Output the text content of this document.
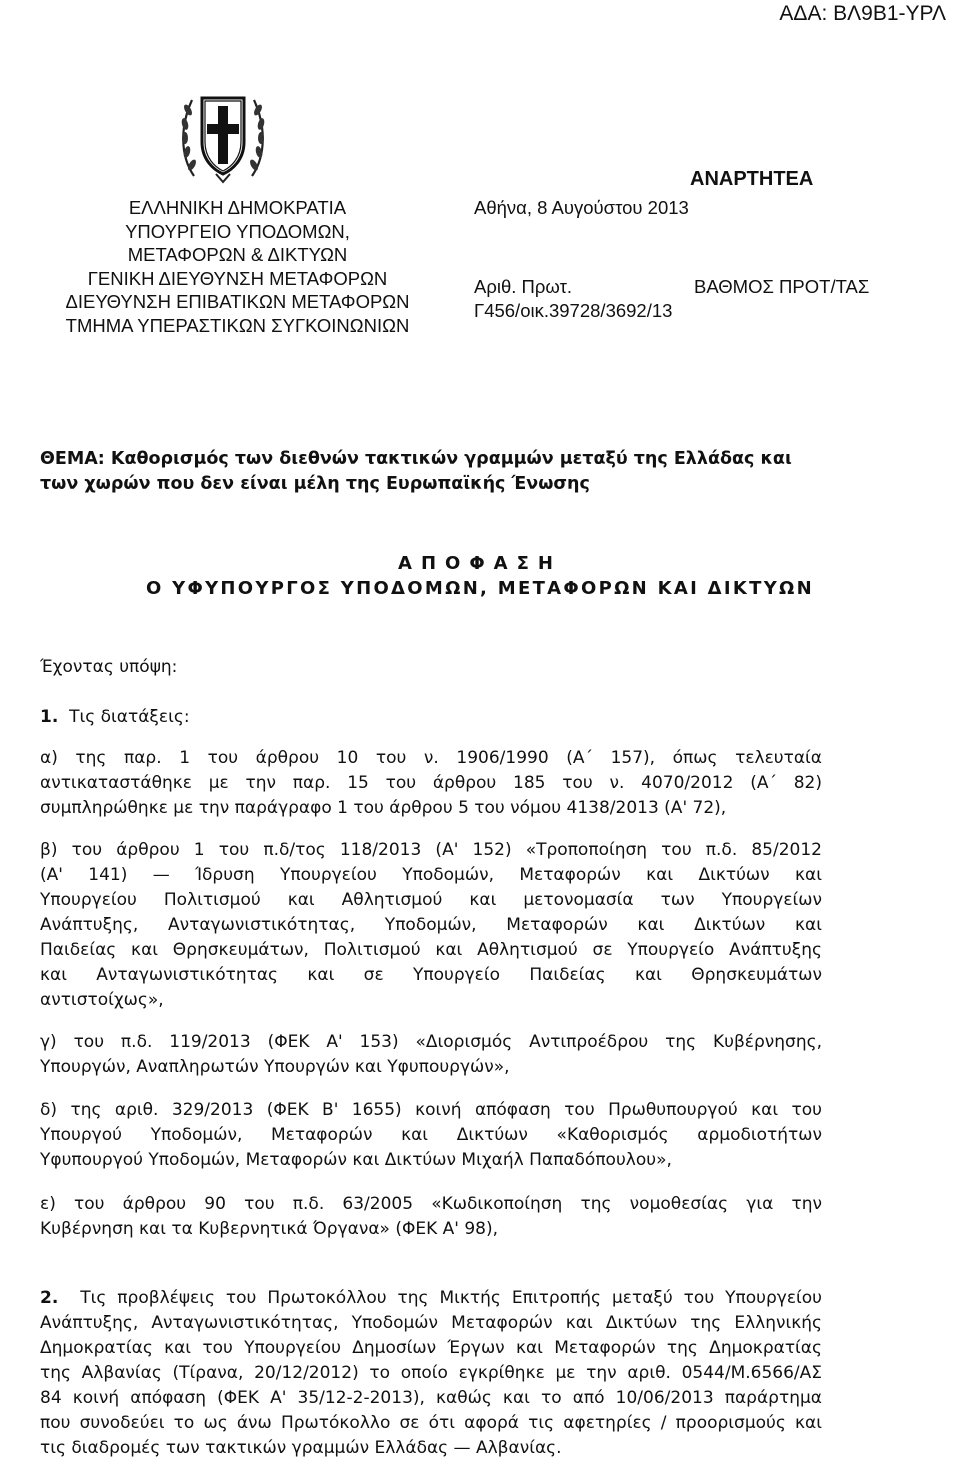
ΑΔΑ: ΒΛ9Β1-ΥΡΛ
ΕΛΛΗΝΙΚΗ ΔΗΜΟΚΡΑΤΙΑ
ΥΠΟΥΡΓΕΙΟ ΥΠΟΔΟΜΩΝ,
ΜΕΤΑΦΟΡΩΝ & ΔΙΚΤΥΩΝ
ΓΕΝΙΚΗ ΔΙΕΥΘΥΝΣΗ ΜΕΤΑΦΟΡΩΝ
ΔΙΕΥΘΥΝΣΗ ΕΠΙΒΑΤΙΚΩΝ ΜΕΤΑΦΟΡΩΝ
ΤΜΗΜΑ ΥΠΕΡΑΣΤΙΚΩΝ ΣΥΓΚΟΙΝΩΝΙΩΝ
ΑΝΑΡΤΗΤΕΑ
Αθήνα, 8 Αυγούστου 2013
Αριθ. Πρωτ.	ΒΑΘΜΟΣ ΠΡΟΤ/ΤΑΣ
Γ456/οικ.39728/3692/13
ΘΕΜΑ: Καθορισμός των διεθνών τακτικών γραμμών μεταξύ της Ελλάδας και
των χωρών που δεν είναι μέλη της Ευρωπαϊκής Ένωσης
ΑΠΟΦΑΣΗ
Ο ΥΦΥΠΟΥΡΓΟΣ ΥΠΟΔΟΜΩΝ, ΜΕΤΑΦΟΡΩΝ ΚΑΙ ΔΙΚΤΥΩΝ
Έχοντας υπόψη:
1. Τις διατάξεις:
α) της παρ. 1 του άρθρου 10 του ν. 1906/1990 (Α΄ 157), όπως τελευταία
αντικαταστάθηκε με την παρ. 15 του άρθρου 185 του ν. 4070/2012 (Α΄ 82)
συμπληρώθηκε με την παράγραφο 1 του άρθρου 5 του νόμου 4138/2013 (Α' 72),
β) του άρθρου 1 του π.δ/τος 118/2013 (Α' 152) «Τροποποίηση του π.δ. 85/2012
(Α' 141) — Ίδρυση Υπουργείου Υποδομών, Μεταφορών και Δικτύων και
Υπουργείου Πολιτισμού και Αθλητισμού και μετονομασία των Υπουργείων
Ανάπτυξης, Ανταγωνιστικότητας, Υποδομών, Μεταφορών και Δικτύων και
Παιδείας και Θρησκευμάτων, Πολιτισμού και Αθλητισμού σε Υπουργείο Ανάπτυξης
και Ανταγωνιστικότητας και σε Υπουργείο Παιδείας και Θρησκευμάτων
αντιστοίχως»,
γ) του π.δ. 119/2013 (ΦΕΚ Α' 153) «Διορισμός Αντιπροέδρου της Κυβέρνησης,
Υπουργών, Αναπληρωτών Υπουργών και Υφυπουργών»,
δ) της αριθ. 329/2013 (ΦΕΚ Β' 1655) κοινή απόφαση του Πρωθυπουργού και του
Υπουργού Υποδομών, Μεταφορών και Δικτύων «Καθορισμός αρμοδιοτήτων
Υφυπουργού Υποδομών, Μεταφορών και Δικτύων Μιχαήλ Παπαδόπουλου»,
ε) του άρθρου 90 του π.δ. 63/2005 «Κωδικοποίηση της νομοθεσίας για την
Κυβέρνηση και τα Κυβερνητικά Όργανα» (ΦΕΚ Α' 98),
2. Τις προβλέψεις του Πρωτοκόλλου της Μικτής Επιτροπής μεταξύ του Υπουργείου
Ανάπτυξης, Ανταγωνιστικότητας, Υποδομών Μεταφορών και Δικτύων της Ελληνικής
Δημοκρατίας και του Υπουργείου Δημοσίων Έργων και Μεταφορών της Δημοκρατίας
της Αλβανίας (Τίρανα, 20/12/2012) το οποίο εγκρίθηκε με την αριθ. 0544/Μ.6566/ΑΣ
84 κοινή απόφαση (ΦΕΚ Α' 35/12-2-2013), καθώς και το από 10/06/2013 παράρτημα
που συνοδεύει το ως άνω Πρωτόκολλο σε ότι αφορά τις αφετηρίες / προορισμούς και
τις διαδρομές των τακτικών γραμμών Ελλάδας — Αλβανίας.
